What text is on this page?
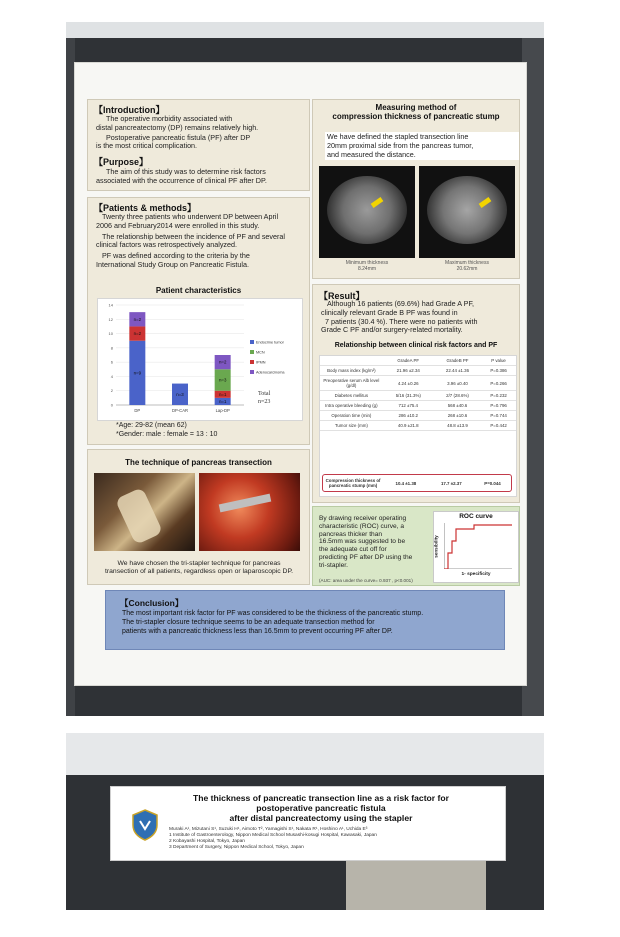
【Introduction】
The operative morbidity associated with
distal pancreatectomy (DP) remains relatively high.
Postoperative pancreatic fistula (PF) after DP
is the most critical complication.
【Purpose】
The aim of this study was to determine risk factors
associated with the occurrence of clinical PF after DP.
【Patients & methods】
Twenty three patients who underwent DP between April
2006 and February2014 were enrolled in this study.
The relationship between the incidence of PF and several
clinical factors was retrospectively analyzed.
PF was defined according to the criteria by the
International Study Group on Pancreatic Fistula.
Patient characteristics
0
2
4
6
8
10
12
14
DP	DP-CAR	Lap-DP
n=9
n=2
n=2
n=3
n=1
n=1
n=3
n=2
Endocrine tumor
MCN
IPMN
Adenocarcinoma
Total
n=23
*Age: 29-82 (mean 62)
*Gender: male : female = 13 : 10
The technique of pancreas transection
We have chosen the tri-stapler technique for pancreas
transection of all patients, regardless open or laparoscopic DP.
Measuring method of
compression thickness of pancreatic stump
We have defined the stapled transection line
20mm proximal side from the pancreas tumor,
and measured the distance.
Minimum thickness
8.24mm
Maximum thickness
20.62mm
【Result】
Although 16 patients (69.6%) had Grade A PF,
clinically relevant Grade B PF was found in
7 patients (30.4 %). There were no patients with
Grade C PF and/or surgery-related mortality.
Relationship between clinical risk factors and PF
	GradeA PF	GradeB PF	P value
Body mass index (kg/m²)	21.96 ±2.34	22.44 ±1.36	P=0.386
Preoperative serum Alb level (g/dl)	4.24 ±0.26	3.96 ±0.40	P=0.266
Diabetes mellitus	5/16 (31.3%)	2/7 (28.6%)	P=0.232
Intra operative bleeding (g)	712 ±75.4	568 ±40.6	P=0.796
Operation time (min)	286 ±10.2	268 ±10.6	P=0.744
Tumor size (mm)	40.9 ±21.8	48.8 ±13.9	P=0.442
Compression thickness of pancreatic stump (mm)	10.4 ±1.38	17.7 ±2.37	P=0.044
By drawing receiver operating
characteristic (ROC) curve, a
pancreas thicker than
16.5mm was suggested to be
the adequate cut off for
predicting PF after DP using the
tri-stapler.
(AUC: area under the curve= 0.937 , p<0.001)
ROC curve
sensibility
1- specificity
【Conclusion】
The most important risk factor for PF was considered to be the thickness of the pancreatic stump.
The tri-stapler closure technique seems to be an adequate transection method for
patients with a pancreatic thickness less than 16.5mm to prevent occurring PF after DP.
The thickness of pancreatic transection line as a risk factor for
postoperative pancreatic fistula
after distal pancreatectomy using the stapler
Muraki A¹, Mizutani S¹, Suzuki H¹, Aimoto T², Yamagishi S¹, Nakata R¹, Hoshino A¹, Uchida E³
1 Institute of Gastroenterology, Nippon Medical School Musashi-kosugi Hospital, Kawasaki, Japan
2 Kobayashi Hospital, Tokyo, Japan
3 Department of Surgery, Nippon Medical School, Tokyo, Japan
